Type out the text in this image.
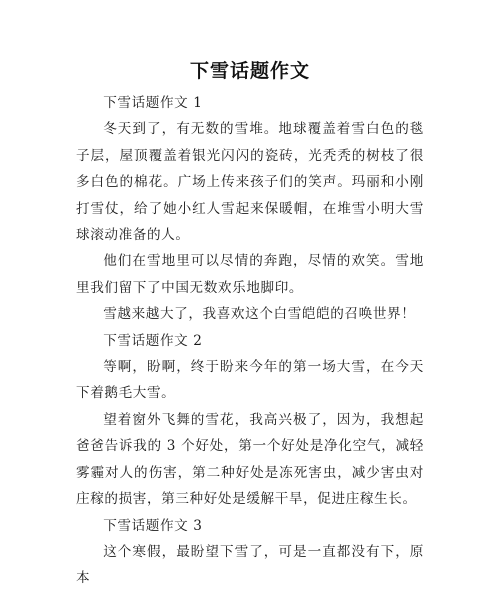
下雪话题作文

下雪话题作文 1

冬天到了，有无数的雪堆。地球覆盖着雪白色的毯子层，屋顶覆盖着银光闪闪的瓷砖，光秃秃的树枝了很多白色的棉花。广场上传来孩子们的笑声。玛丽和小刚打雪仗，给了她小红人雪起来保暖帽，在堆雪小明大雪球滚动准备的人。

他们在雪地里可以尽情的奔跑，尽情的欢笑。雪地里我们留下了中国无数欢乐地脚印。

雪越来越大了，我喜欢这个白雪皑皑的召唤世界！

下雪话题作文 2

等啊，盼啊，终于盼来今年的第一场大雪，在今天下着鹅毛大雪。

望着窗外飞舞的雪花，我高兴极了，因为，我想起爸爸告诉我的 3 个好处，第一个好处是净化空气，减轻雾霾对人的伤害，第二种好处是冻死害虫，减少害虫对庄稼的损害，第三种好处是缓解干旱，促进庄稼生长。

下雪话题作文 3

这个寒假，最盼望下雪了，可是一直都没有下，原本
